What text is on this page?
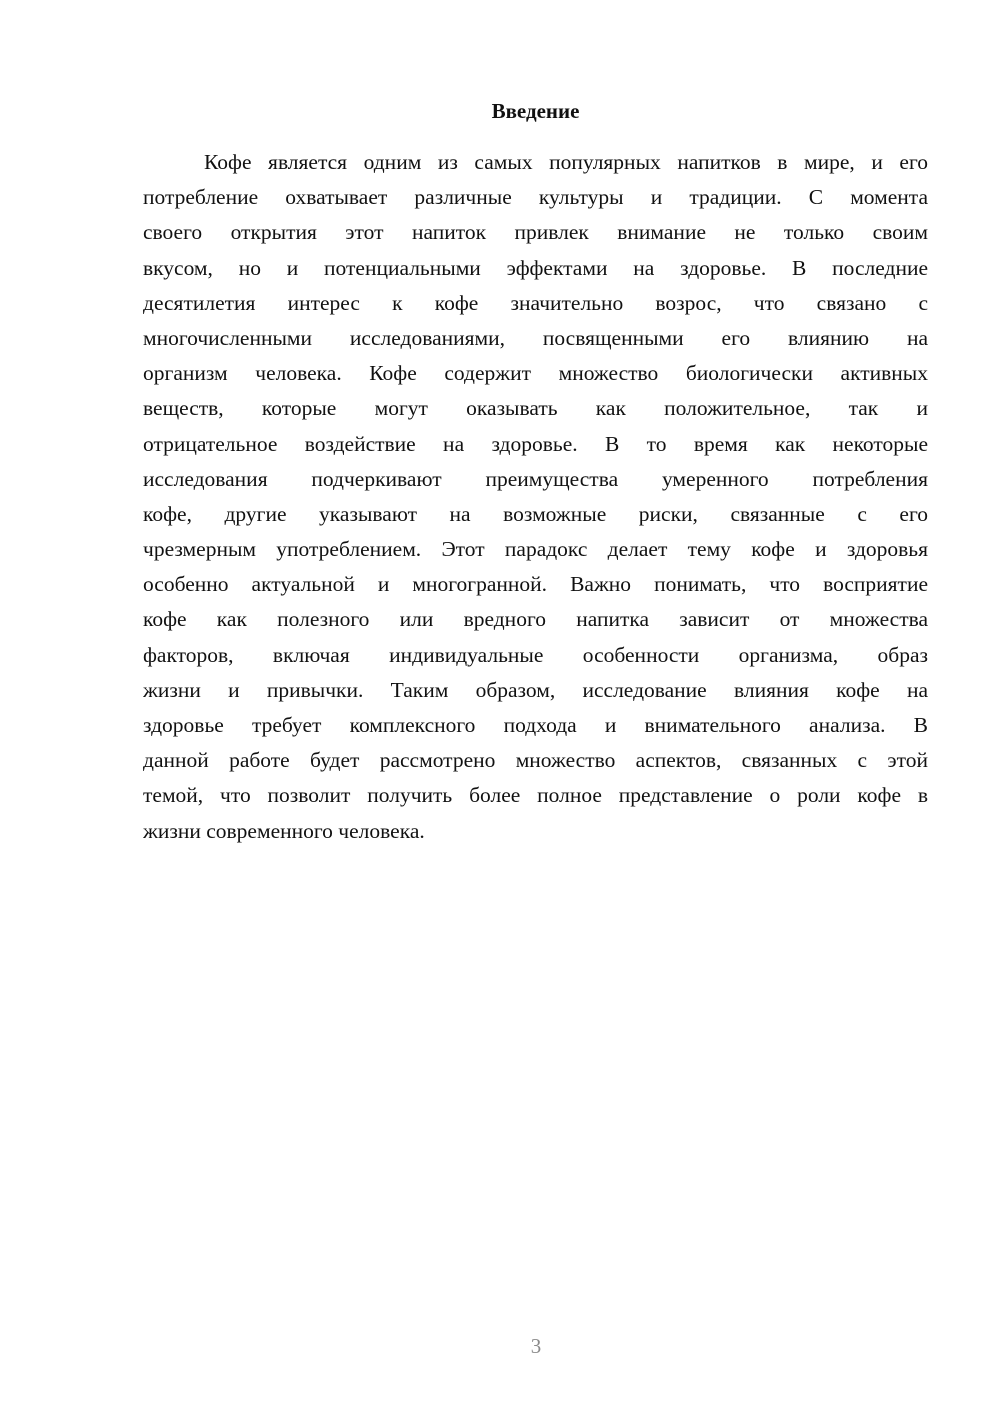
Введение
Кофе является одним из самых популярных напитков в мире, и его
потребление охватывает различные культуры и традиции. С момента
своего открытия этот напиток привлек внимание не только своим
вкусом, но и потенциальными эффектами на здоровье. В последние
десятилетия интерес к кофе значительно возрос, что связано с
многочисленными исследованиями, посвященными его влиянию на
организм человека. Кофе содержит множество биологически активных
веществ, которые могут оказывать как положительное, так и
отрицательное воздействие на здоровье. В то время как некоторые
исследования подчеркивают преимущества умеренного потребления
кофе, другие указывают на возможные риски, связанные с его
чрезмерным употреблением. Этот парадокс делает тему кофе и здоровья
особенно актуальной и многогранной. Важно понимать, что восприятие
кофе как полезного или вредного напитка зависит от множества
факторов, включая индивидуальные особенности организма, образ
жизни и привычки. Таким образом, исследование влияния кофе на
здоровье требует комплексного подхода и внимательного анализа. В
данной работе будет рассмотрено множество аспектов, связанных с этой
темой, что позволит получить более полное представление о роли кофе в
жизни современного человека.
3
